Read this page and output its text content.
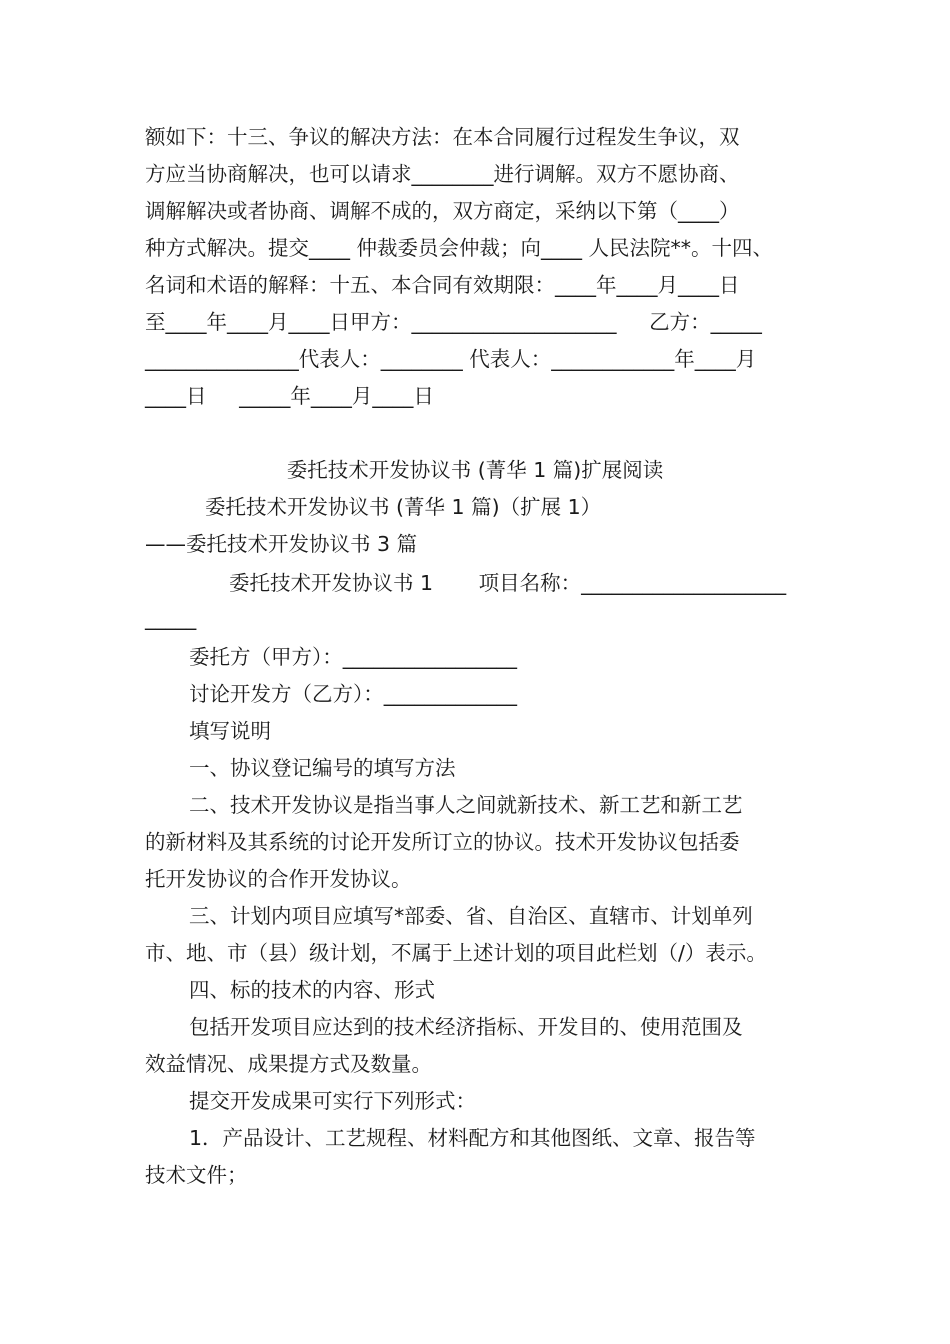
额如下：十三、争议的解决方法：在本合同履行过程发生争议，双
方应当协商解决，也可以请求________进行调解。双方不愿协商、
调解解决或者协商、调解不成的，双方商定，采纳以下第（____）
种方式解决。提交____ 仲裁委员会仲裁；向____ 人民法院**。十四、
名词和术语的解释：十五、本合同有效期限：____年____月____日
至____年____月____日甲方：____________________     乙方：_____
_______________代表人：________ 代表人：____________年____月
____日     _____年____月____日
委托技术开发协议书 (菁华 1 篇)扩展阅读
委托技术开发协议书 (菁华 1 篇)（扩展 1）
——委托技术开发协议书 3 篇
委托技术开发协议书 1       项目名称：____________________
_____
委托方（甲方）：_________________
讨论开发方（乙方）：_____________
填写说明
一、协议登记编号的填写方法
二、技术开发协议是指当事人之间就新技术、新工艺和新工艺
的新材料及其系统的讨论开发所订立的协议。技术开发协议包括委
托开发协议的合作开发协议。
三、计划内项目应填写*部委、省、自治区、直辖市、计划单列
市、地、市（县）级计划，不属于上述计划的项目此栏划（/）表示。
四、标的技术的内容、形式
包括开发项目应达到的技术经济指标、开发目的、使用范围及
效益情况、成果提方式及数量。
提交开发成果可实行下列形式：
1．产品设计、工艺规程、材料配方和其他图纸、文章、报告等
技术文件；
